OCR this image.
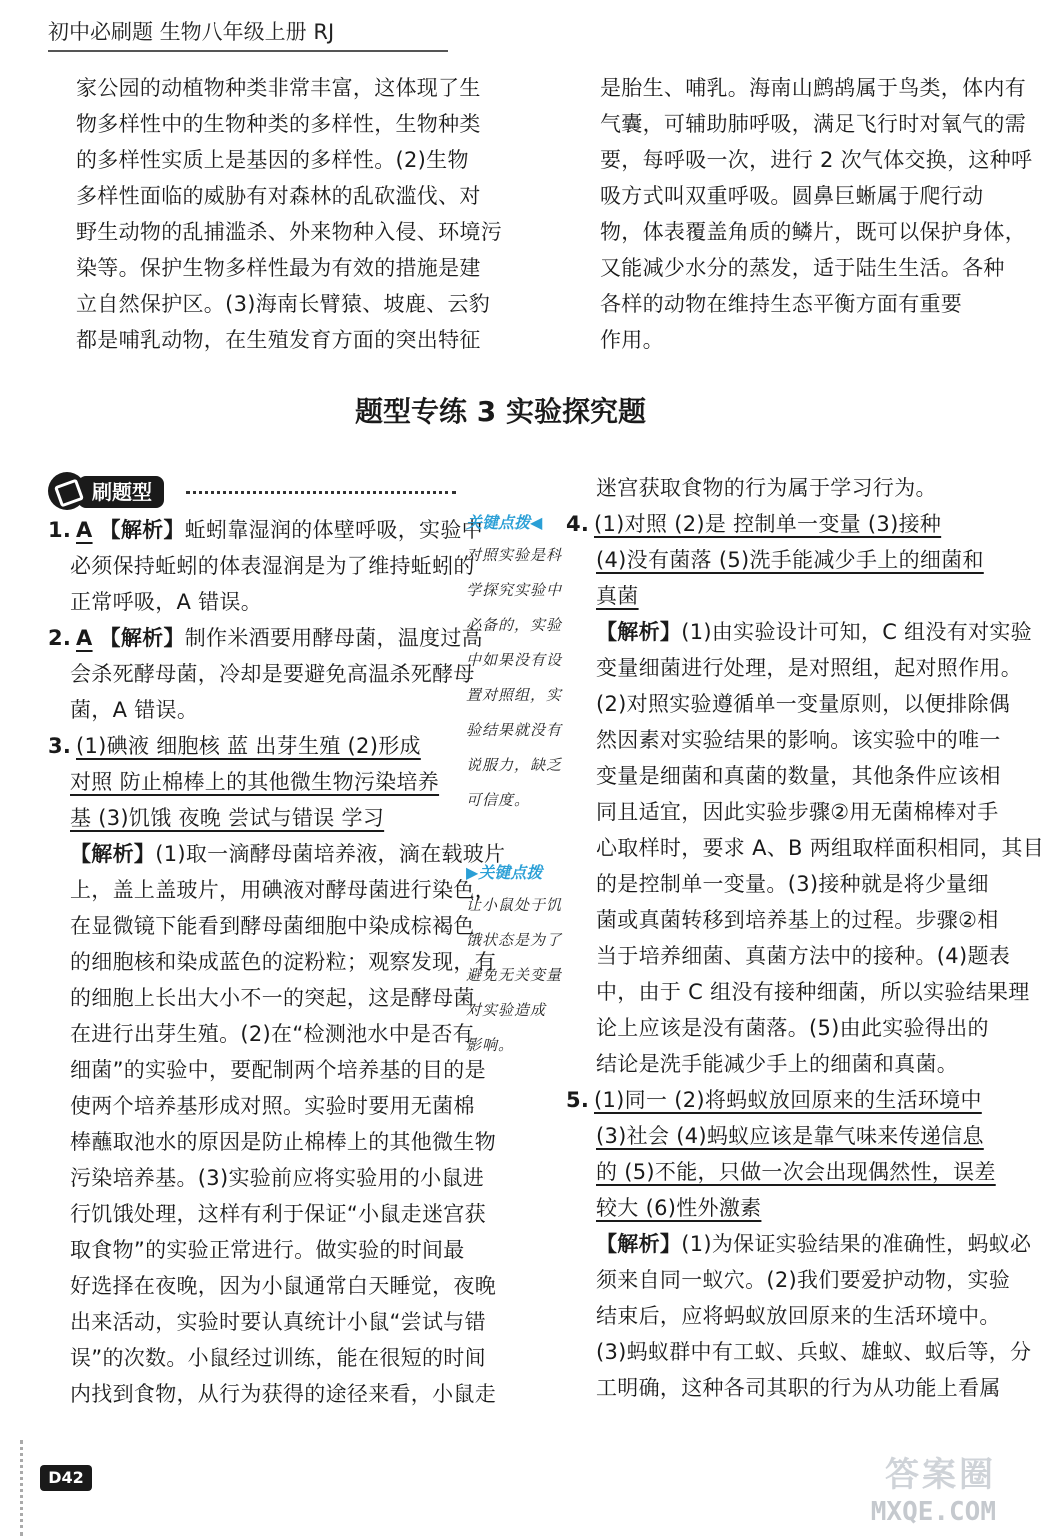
初中必刷题 生物八年级上册 RJ
家公园的动植物种类非常丰富，这体现了生
物多样性中的生物种类的多样性，生物种类
的多样性实质上是基因的多样性。(2)生物
多样性面临的威胁有对森林的乱砍滥伐、对
野生动物的乱捕滥杀、外来物种入侵、环境污
染等。保护生物多样性最为有效的措施是建
立自然保护区。(3)海南长臂猿、坡鹿、云豹
都是哺乳动物，在生殖发育方面的突出特征
是胎生、哺乳。海南山鹧鸪属于鸟类，体内有
气囊，可辅助肺呼吸，满足飞行时对氧气的需
要，每呼吸一次，进行 2 次气体交换，这种呼
吸方式叫双重呼吸。圆鼻巨蜥属于爬行动
物，体表覆盖角质的鳞片，既可以保护身体，
又能减少水分的蒸发，适于陆生生活。各种
各样的动物在维持生态平衡方面有重要
作用。
题型专练 3 实验探究题
刷题型
1. A 【解析】蚯蚓靠湿润的体壁呼吸，实验中
必须保持蚯蚓的体表湿润是为了维持蚯蚓的
正常呼吸，A 错误。
2. A 【解析】制作米酒要用酵母菌，温度过高
会杀死酵母菌，冷却是要避免高温杀死酵母
菌，A 错误。
3. (1)碘液 细胞核 蓝 出芽生殖 (2)形成
对照 防止棉棒上的其他微生物污染培养
基 (3)饥饿 夜晚 尝试与错误 学习
【解析】(1)取一滴酵母菌培养液，滴在载玻片
上，盖上盖玻片，用碘液对酵母菌进行染色，
在显微镜下能看到酵母菌细胞中染成棕褐色
的细胞核和染成蓝色的淀粉粒；观察发现，有
的细胞上长出大小不一的突起，这是酵母菌
在进行出芽生殖。(2)在“检测池水中是否有
细菌”的实验中，要配制两个培养基的目的是
使两个培养基形成对照。实验时要用无菌棉
棒蘸取池水的原因是防止棉棒上的其他微生物
污染培养基。(3)实验前应将实验用的小鼠进
行饥饿处理，这样有利于保证“小鼠走迷宫获
取食物”的实验正常进行。做实验的时间最
好选择在夜晚，因为小鼠通常白天睡觉，夜晚
出来活动，实验时要认真统计小鼠“尝试与错
误”的次数。小鼠经过训练，能在很短的时间
内找到食物，从行为获得的途径来看，小鼠走
关键点拨◀
对照实验是科
学探究实验中
必备的，实验
中如果没有设
置对照组，实
验结果就没有
说服力，缺乏
可信度。
▶关键点拨
让小鼠处于饥
饿状态是为了
避免无关变量
对实验造成
影响。
迷宫获取食物的行为属于学习行为。
4. (1)对照 (2)是 控制单一变量 (3)接种
(4)没有菌落 (5)洗手能减少手上的细菌和
真菌
【解析】(1)由实验设计可知，C 组没有对实验
变量细菌进行处理，是对照组，起对照作用。
(2)对照实验遵循单一变量原则，以便排除偶
然因素对实验结果的影响。该实验中的唯一
变量是细菌和真菌的数量，其他条件应该相
同且适宜，因此实验步骤②用无菌棉棒对手
心取样时，要求 A、B 两组取样面积相同，其目
的是控制单一变量。(3)接种就是将少量细
菌或真菌转移到培养基上的过程。步骤②相
当于培养细菌、真菌方法中的接种。(4)题表
中，由于 C 组没有接种细菌，所以实验结果理
论上应该是没有菌落。(5)由此实验得出的
结论是洗手能减少手上的细菌和真菌。
5. (1)同一 (2)将蚂蚁放回原来的生活环境中
(3)社会 (4)蚂蚁应该是靠气味来传递信息
的 (5)不能，只做一次会出现偶然性，误差
较大 (6)性外激素
【解析】(1)为保证实验结果的准确性，蚂蚁必
须来自同一蚁穴。(2)我们要爱护动物，实验
结束后，应将蚂蚁放回原来的生活环境中。
(3)蚂蚁群中有工蚁、兵蚁、雄蚁、蚁后等，分
工明确，这种各司其职的行为从功能上看属
D42	答案圈
MXQE.COM
